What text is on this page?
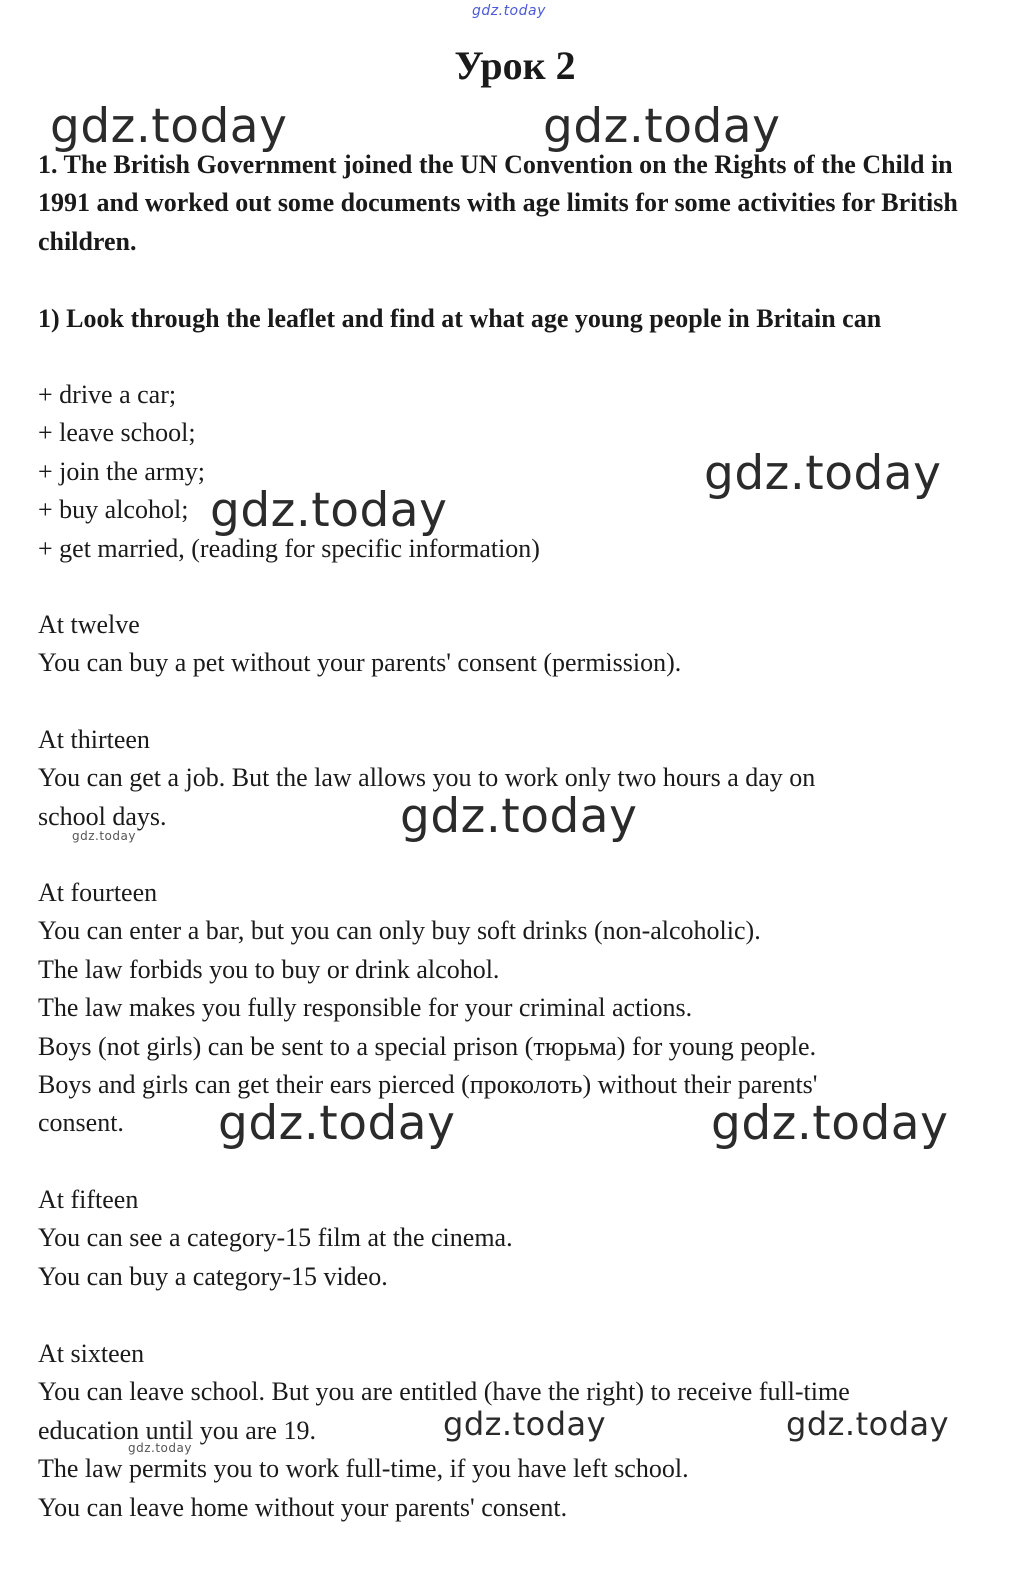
gdz.today
gdz.today	gdz.today
gdz.today
gdz.today
gdz.today
gdz.today
gdz.today	gdz.today
gdz.today	gdz.today
gdz.today
Урок 2
1. The British Government joined the UN Convention on the Rights of the Child in 1991 and worked out some documents with age limits for some activities for British children.
1) Look through the leaflet and find at what age young people in Britain can
+ drive a car;
+ leave school;
+ join the army;
+ buy alcohol;
+ get married, (reading for specific information)
At twelve
You can buy a pet without your parents' consent (permission).
At thirteen
You can get a job. But the law allows you to work only two hours a day on
school days.
At fourteen
You can enter a bar, but you can only buy soft drinks (non-alcoholic).
The law forbids you to buy or drink alcohol.
The law makes you fully responsible for your criminal actions.
Boys (not girls) can be sent to a special prison (тюрьма) for young people.
Boys and girls can get their ears pierced (проколоть) without their parents'
consent.
At fifteen
You can see a category-15 film at the cinema.
You can buy a category-15 video.
At sixteen
You can leave school. But you are entitled (have the right) to receive full-time
education until you are 19.
The law permits you to work full-time, if you have left school.
You can leave home without your parents' consent.
